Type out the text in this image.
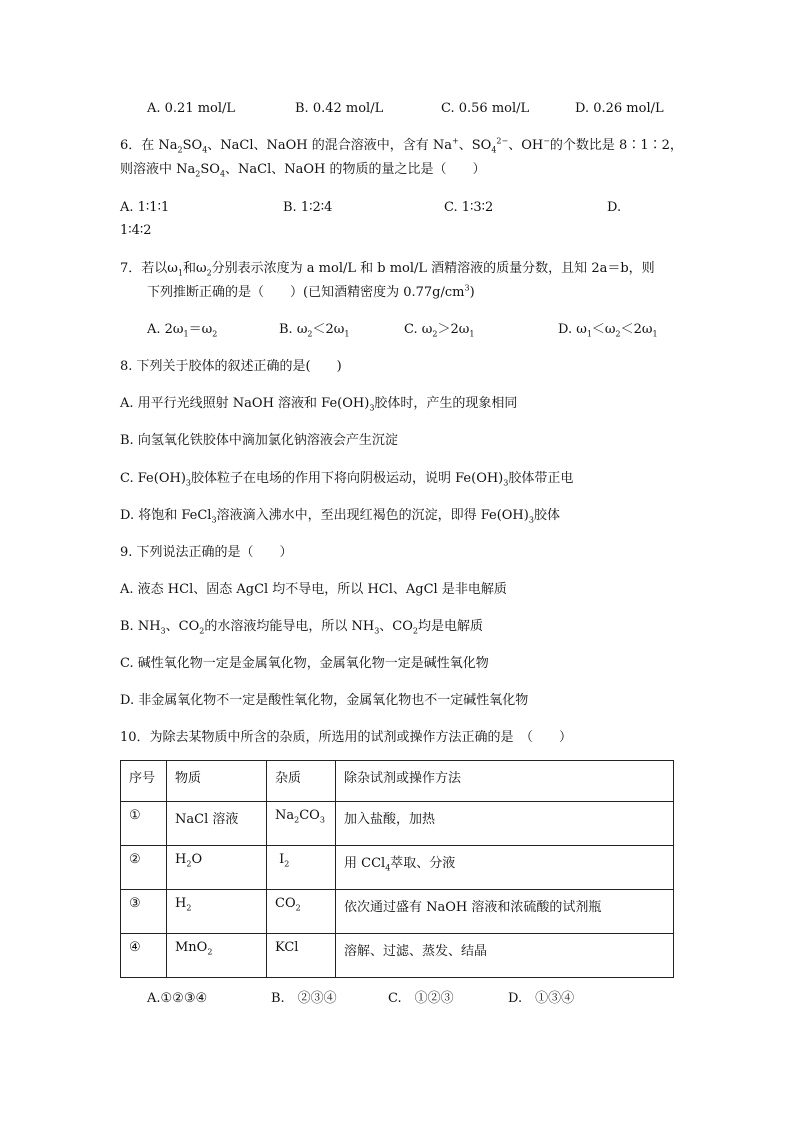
A. 0.21 mol/L	B. 0.42 mol/L	C. 0.56 mol/L	D. 0.26 mol/L
6．在 $Na_2SO_4$、NaCl、NaOH 的混合溶液中，含有 Na+、$SO_4^{2-}$、OH−的个数比是 8∶1∶2，
则溶液中 $Na_2SO_4$、NaCl、NaOH 的物质的量之比是（　　）
A. 1∶1∶1	B. 1∶2∶4	C. 1∶3∶2	D.
1∶4∶2
7．若以$\omega_1$和$\omega_2$分别表示浓度为 a mol/L 和 b mol/L 酒精溶液的质量分数，且知 2a＝b，则
下列推断正确的是（　　）(已知酒精密度为 $0.77g/cm^3$)
A. $2\omega_1=\omega_2$	B. $\omega_2<2\omega_1$	C. $\omega_2>2\omega_1$	D. $\omega_1<\omega_2<2\omega_1$
8. 下列关于胶体的叙述正确的是(　　)
A. 用平行光线照射 NaOH 溶液和 $Fe(OH)_3$胶体时，产生的现象相同
B. 向氢氧化铁胶体中滴加氯化钠溶液会产生沉淀
C. $Fe(OH)_3$胶体粒子在电场的作用下将向阴极运动，说明 $Fe(OH)_3$胶体带正电
D. 将饱和 FeCl$_3$溶液滴入沸水中，至出现红褐色的沉淀，即得 $Fe(OH)_3$胶体
9. 下列说法正确的是（　　）
A. 液态 HCl、固态 AgCl 均不导电，所以 HCl、AgCl 是非电解质
B. $NH_3$、$CO_2$的水溶液均能导电，所以 $NH_3$、$CO_2$均是电解质
C. 碱性氧化物一定是金属氧化物，金属氧化物一定是碱性氧化物
D. 非金属氧化物不一定是酸性氧化物，金属氧化物也不一定碱性氧化物
10．为除去某物质中所含的杂质，所选用的试剂或操作方法正确的是　（　　）
序号	物质	杂质	除杂试剂或操作方法
①	NaCl 溶液	$Na_2CO_3$	加入盐酸，加热
②	$H_2O$	$I_2$	用 CCl$_4$萃取、分液
③	$H_2$	$CO_2$	依次通过盛有 NaOH 溶液和浓硫酸的试剂瓶
④	MnO$_2$	KCl	溶解、过滤、蒸发、结晶
A.①②③④	B.　②③④	C.　①②③	D.　①③④
